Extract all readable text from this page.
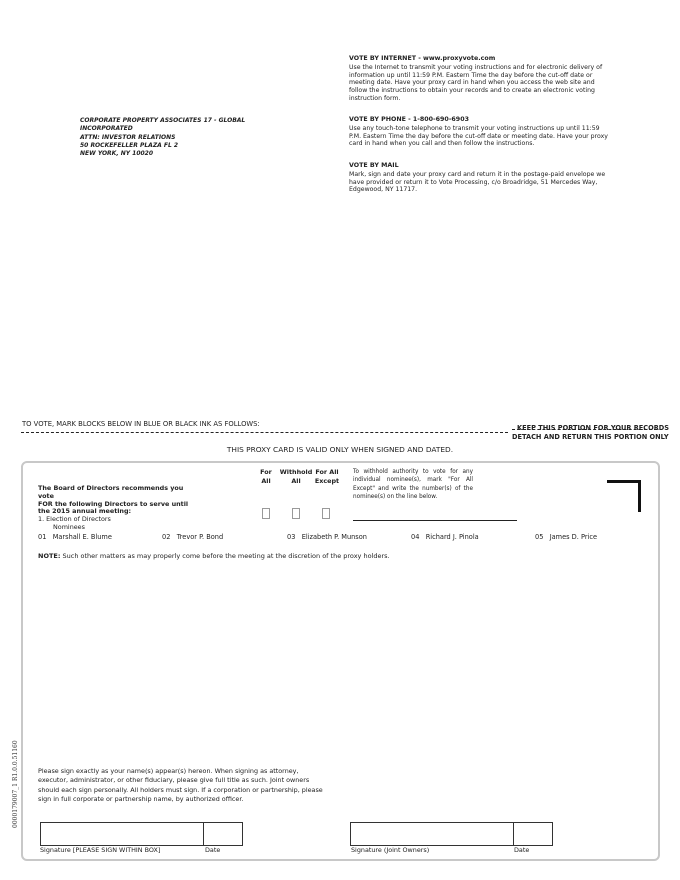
CORPORATE PROPERTY ASSOCIATES 17 - GLOBAL
INCORPORATED
ATTN: INVESTOR RELATIONS
50 ROCKEFELLER PLAZA FL 2
NEW YORK, NY 10020
VOTE BY INTERNET - www.proxyvote.com
Use the Internet to transmit your voting instructions and for electronic delivery of information up until 11:59 P.M. Eastern Time the day before the cut-off date or meeting date. Have your proxy card in hand when you access the web site and follow the instructions to obtain your records and to create an electronic voting instruction form.
VOTE BY PHONE - 1-800-690-6903
Use any touch-tone telephone to transmit your voting instructions up until 11:59 P.M. Eastern Time the day before the cut-off date or meeting date. Have your proxy card in hand when you call and then follow the instructions.
VOTE BY MAIL
Mark, sign and date your proxy card and return it in the postage-paid envelope we have provided or return it to Vote Processing, c/o Broadridge, 51 Mercedes Way, Edgewood, NY 11717.
TO VOTE, MARK BLOCKS BELOW IN BLUE OR BLACK INK AS FOLLOWS:	KEEP THIS PORTION FOR YOUR RECORDS
DETACH AND RETURN THIS PORTION ONLY
THIS PROXY CARD IS VALID ONLY WHEN SIGNED AND DATED.
The Board of Directors recommends you vote
FOR the following Directors to serve until
the 2015 annual meeting:
1. Election of Directors
Nominees
For
All
Withhold
All
For All
Except
To withhold authority to vote for any individual nominee(s), mark "For All Except" and write the number(s) of the nominee(s) on the line below.
01 Marshall E. Blume	02 Trevor P. Bond	03 Elizabeth P. Munson	04 Richard J. Pinola	05 James D. Price
NOTE: Such other matters as may properly come before the meeting at the discretion of the proxy holders.
0000179007_1 R1.0.0.51160	Please sign exactly as your name(s) appear(s) hereon. When signing as attorney, executor, administrator, or other fiduciary, please give full title as such. Joint owners should each sign personally. All holders must sign. If a corporation or partnership, please sign in full corporate or partnership name, by authorized officer.
Signature [PLEASE SIGN WITHIN BOX]	Date	Signature (Joint Owners)	Date
